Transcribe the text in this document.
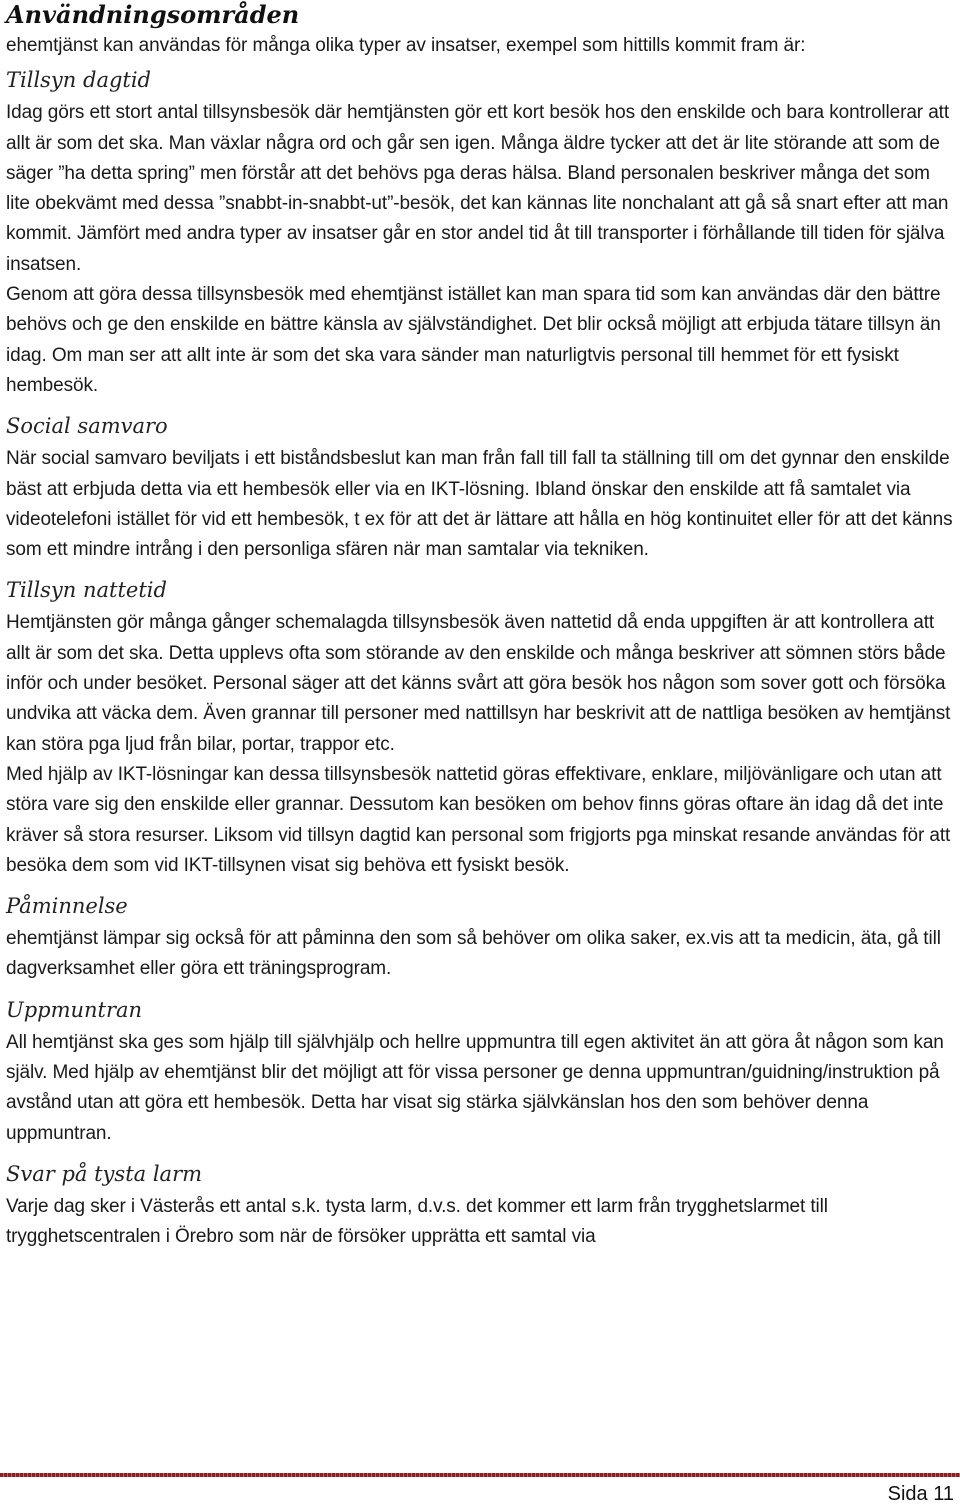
Användningsområden

ehemtjänst kan användas för många olika typer av insatser, exempel som hittills kommit fram är:

Tillsyn dagtid

Idag görs ett stort antal tillsynsbesök där hemtjänsten gör ett kort besök hos den enskilde och bara kontrollerar att allt är som det ska. Man växlar några ord och går sen igen. Många äldre tycker att det är lite störande att som de säger ”ha detta spring” men förstår att det behövs pga deras hälsa. Bland personalen beskriver många det som lite obekvämt med dessa ”snabbt-in-snabbt-ut”-besök, det kan kännas lite nonchalant att gå så snart efter att man kommit. Jämfört med andra typer av insatser går en stor andel tid åt till transporter i förhållande till tiden för själva insatsen.

Genom att göra dessa tillsynsbesök med ehemtjänst istället kan man spara tid som kan användas där den bättre behövs och ge den enskilde en bättre känsla av självständighet. Det blir också möjligt att erbjuda tätare tillsyn än idag. Om man ser att allt inte är som det ska vara sänder man naturligtvis personal till hemmet för ett fysiskt hembesök.

Social samvaro

När social samvaro beviljats i ett biståndsbeslut kan man från fall till fall ta ställning till om det gynnar den enskilde bäst att erbjuda detta via ett hembesök eller via en IKT-lösning. Ibland önskar den enskilde att få samtalet via videotelefoni istället för vid ett hembesök, t ex för att det är lättare att hålla en hög kontinuitet eller för att det känns som ett mindre intrång i den personliga sfären när man samtalar via tekniken.

Tillsyn nattetid

Hemtjänsten gör många gånger schemalagda tillsynsbesök även nattetid då enda uppgiften är att kontrollera att allt är som det ska. Detta upplevs ofta som störande av den enskilde och många beskriver att sömnen störs både inför och under besöket. Personal säger att det känns svårt att göra besök hos någon som sover gott och försöka undvika att väcka dem. Även grannar till personer med nattillsyn har beskrivit att de nattliga besöken av hemtjänst kan störa pga ljud från bilar, portar, trappor etc.

Med hjälp av IKT-lösningar kan dessa tillsynsbesök nattetid göras effektivare, enklare, miljövänligare och utan att störa vare sig den enskilde eller grannar. Dessutom kan besöken om behov finns göras oftare än idag då det inte kräver så stora resurser. Liksom vid tillsyn dagtid kan personal som frigjorts pga minskat resande användas för att besöka dem som vid IKT-tillsynen visat sig behöva ett fysiskt besök.

Påminnelse

ehemtjänst lämpar sig också för att påminna den som så behöver om olika saker, ex.vis att ta medicin, äta, gå till dagverksamhet eller göra ett träningsprogram.

Uppmuntran

All hemtjänst ska ges som hjälp till självhjälp och hellre uppmuntra till egen aktivitet än att göra åt någon som kan själv. Med hjälp av ehemtjänst blir det möjligt att för vissa personer ge denna uppmuntran/guidning/instruktion på avstånd utan att göra ett hembesök. Detta har visat sig stärka självkänslan hos den som behöver denna uppmuntran.

Svar på tysta larm

Varje dag sker i Västerås ett antal s.k. tysta larm, d.v.s. det kommer ett larm från trygghetslarmet till trygghetscentralen i Örebro som när de försöker upprätta ett samtal via

Sida 11
